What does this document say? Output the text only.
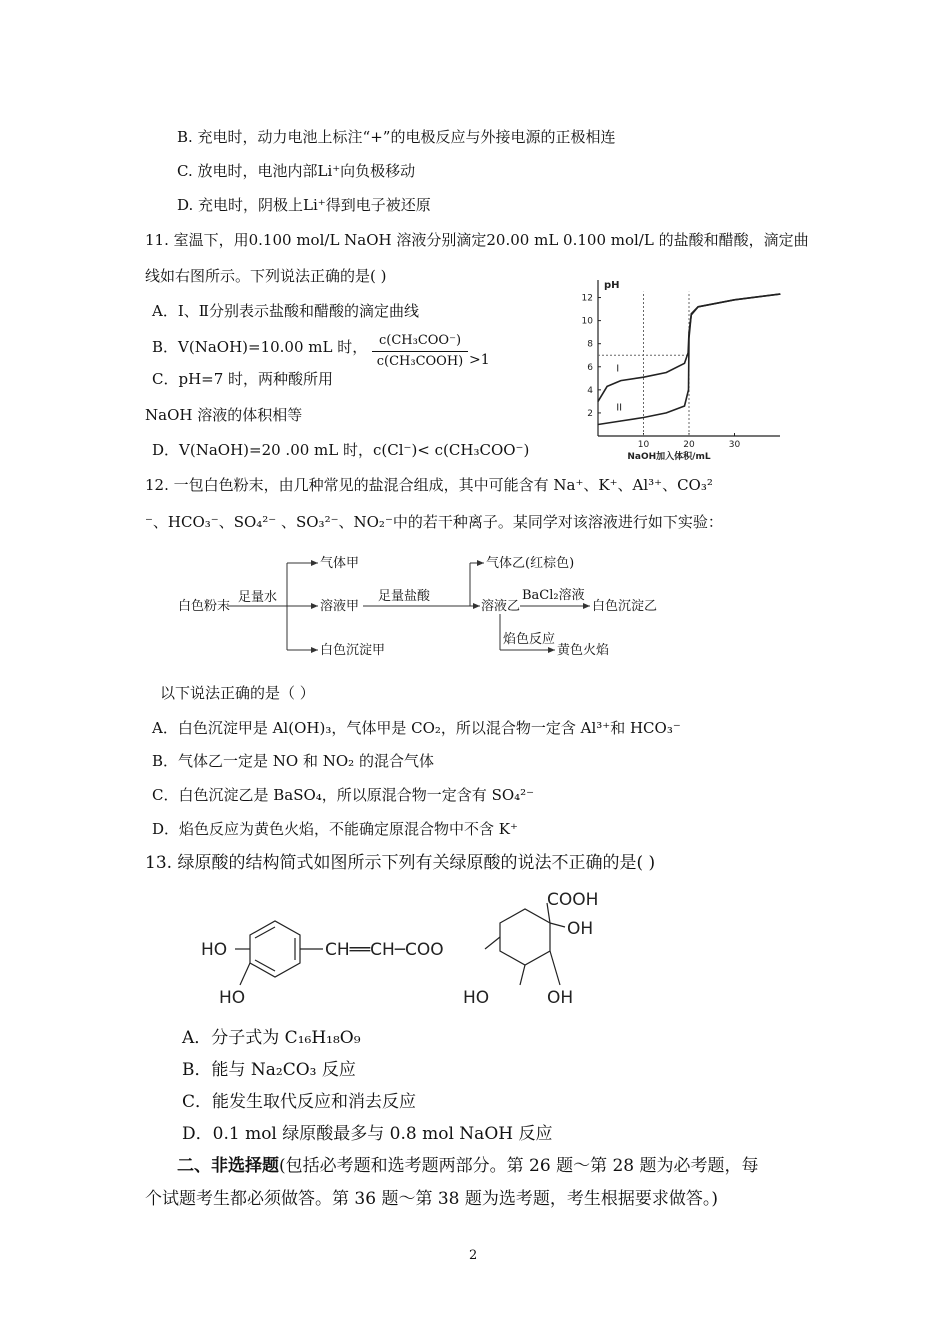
B. 充电时，动力电池上标注“+”的电极反应与外接电源的正极相连
C. 放电时，电池内部Li⁺向负极移动
D. 充电时，阴极上Li⁺得到电子被还原
11. 室温下，用0.100 mol/L NaOH 溶液分别滴定20.00 mL 0.100 mol/L 的盐酸和醋酸，滴定曲
线如右图所示。下列说法正确的是( )
A．Ⅰ、Ⅱ分别表示盐酸和醋酸的滴定曲线
B．V(NaOH)=10.00 mL 时， c(CH₃COO⁻)
c(CH₃COOH) >1
C．pH=7 时，两种酸所用
NaOH 溶液的体积相等
D．V(NaOH)=20 .00 mL 时，c(Cl⁻)< c(CH₃COO⁻)
pH
2
4
6
8
10
12
10	20	30
NaOH加入体积/mL
I
II
12. 一包白色粉末，由几种常见的盐混合组成，其中可能含有 Na⁺、K⁺、Al³⁺、CO₃²
⁻、HCO₃⁻、SO₄²⁻ 、SO₃²⁻、NO₂⁻中的若干种离子。某同学对该溶液进行如下实验：
白色粉末
足量水
气体甲
溶液甲
白色沉淀甲
足量盐酸
气体乙(红棕色)
溶液乙
BaCl₂溶液
白色沉淀乙
焰色反应
黄色火焰
以下说法正确的是（ ）
A．白色沉淀甲是 Al(OH)₃，气体甲是 CO₂，所以混合物一定含 Al³⁺和 HCO₃⁻
B．气体乙一定是 NO 和 NO₂ 的混合气体
C．白色沉淀乙是 BaSO₄，所以原混合物一定含有 SO₄²⁻
D．焰色反应为黄色火焰，不能确定原混合物中不含 K⁺
13. 绿原酸的结构简式如图所示下列有关绿原酸的说法不正确的是( )
HO
HO
CH══CH─COO
COOH
OH
HO	OH
A．分子式为 C₁₆H₁₈O₉
B．能与 Na₂CO₃ 反应
C．能发生取代反应和消去反应
D．0.1 mol 绿原酸最多与 0.8 mol NaOH 反应
二、非选择题(包括必考题和选考题两部分。第 26 题～第 28 题为必考题，每
个试题考生都必须做答。第 36 题～第 38 题为选考题，考生根据要求做答。)
2
